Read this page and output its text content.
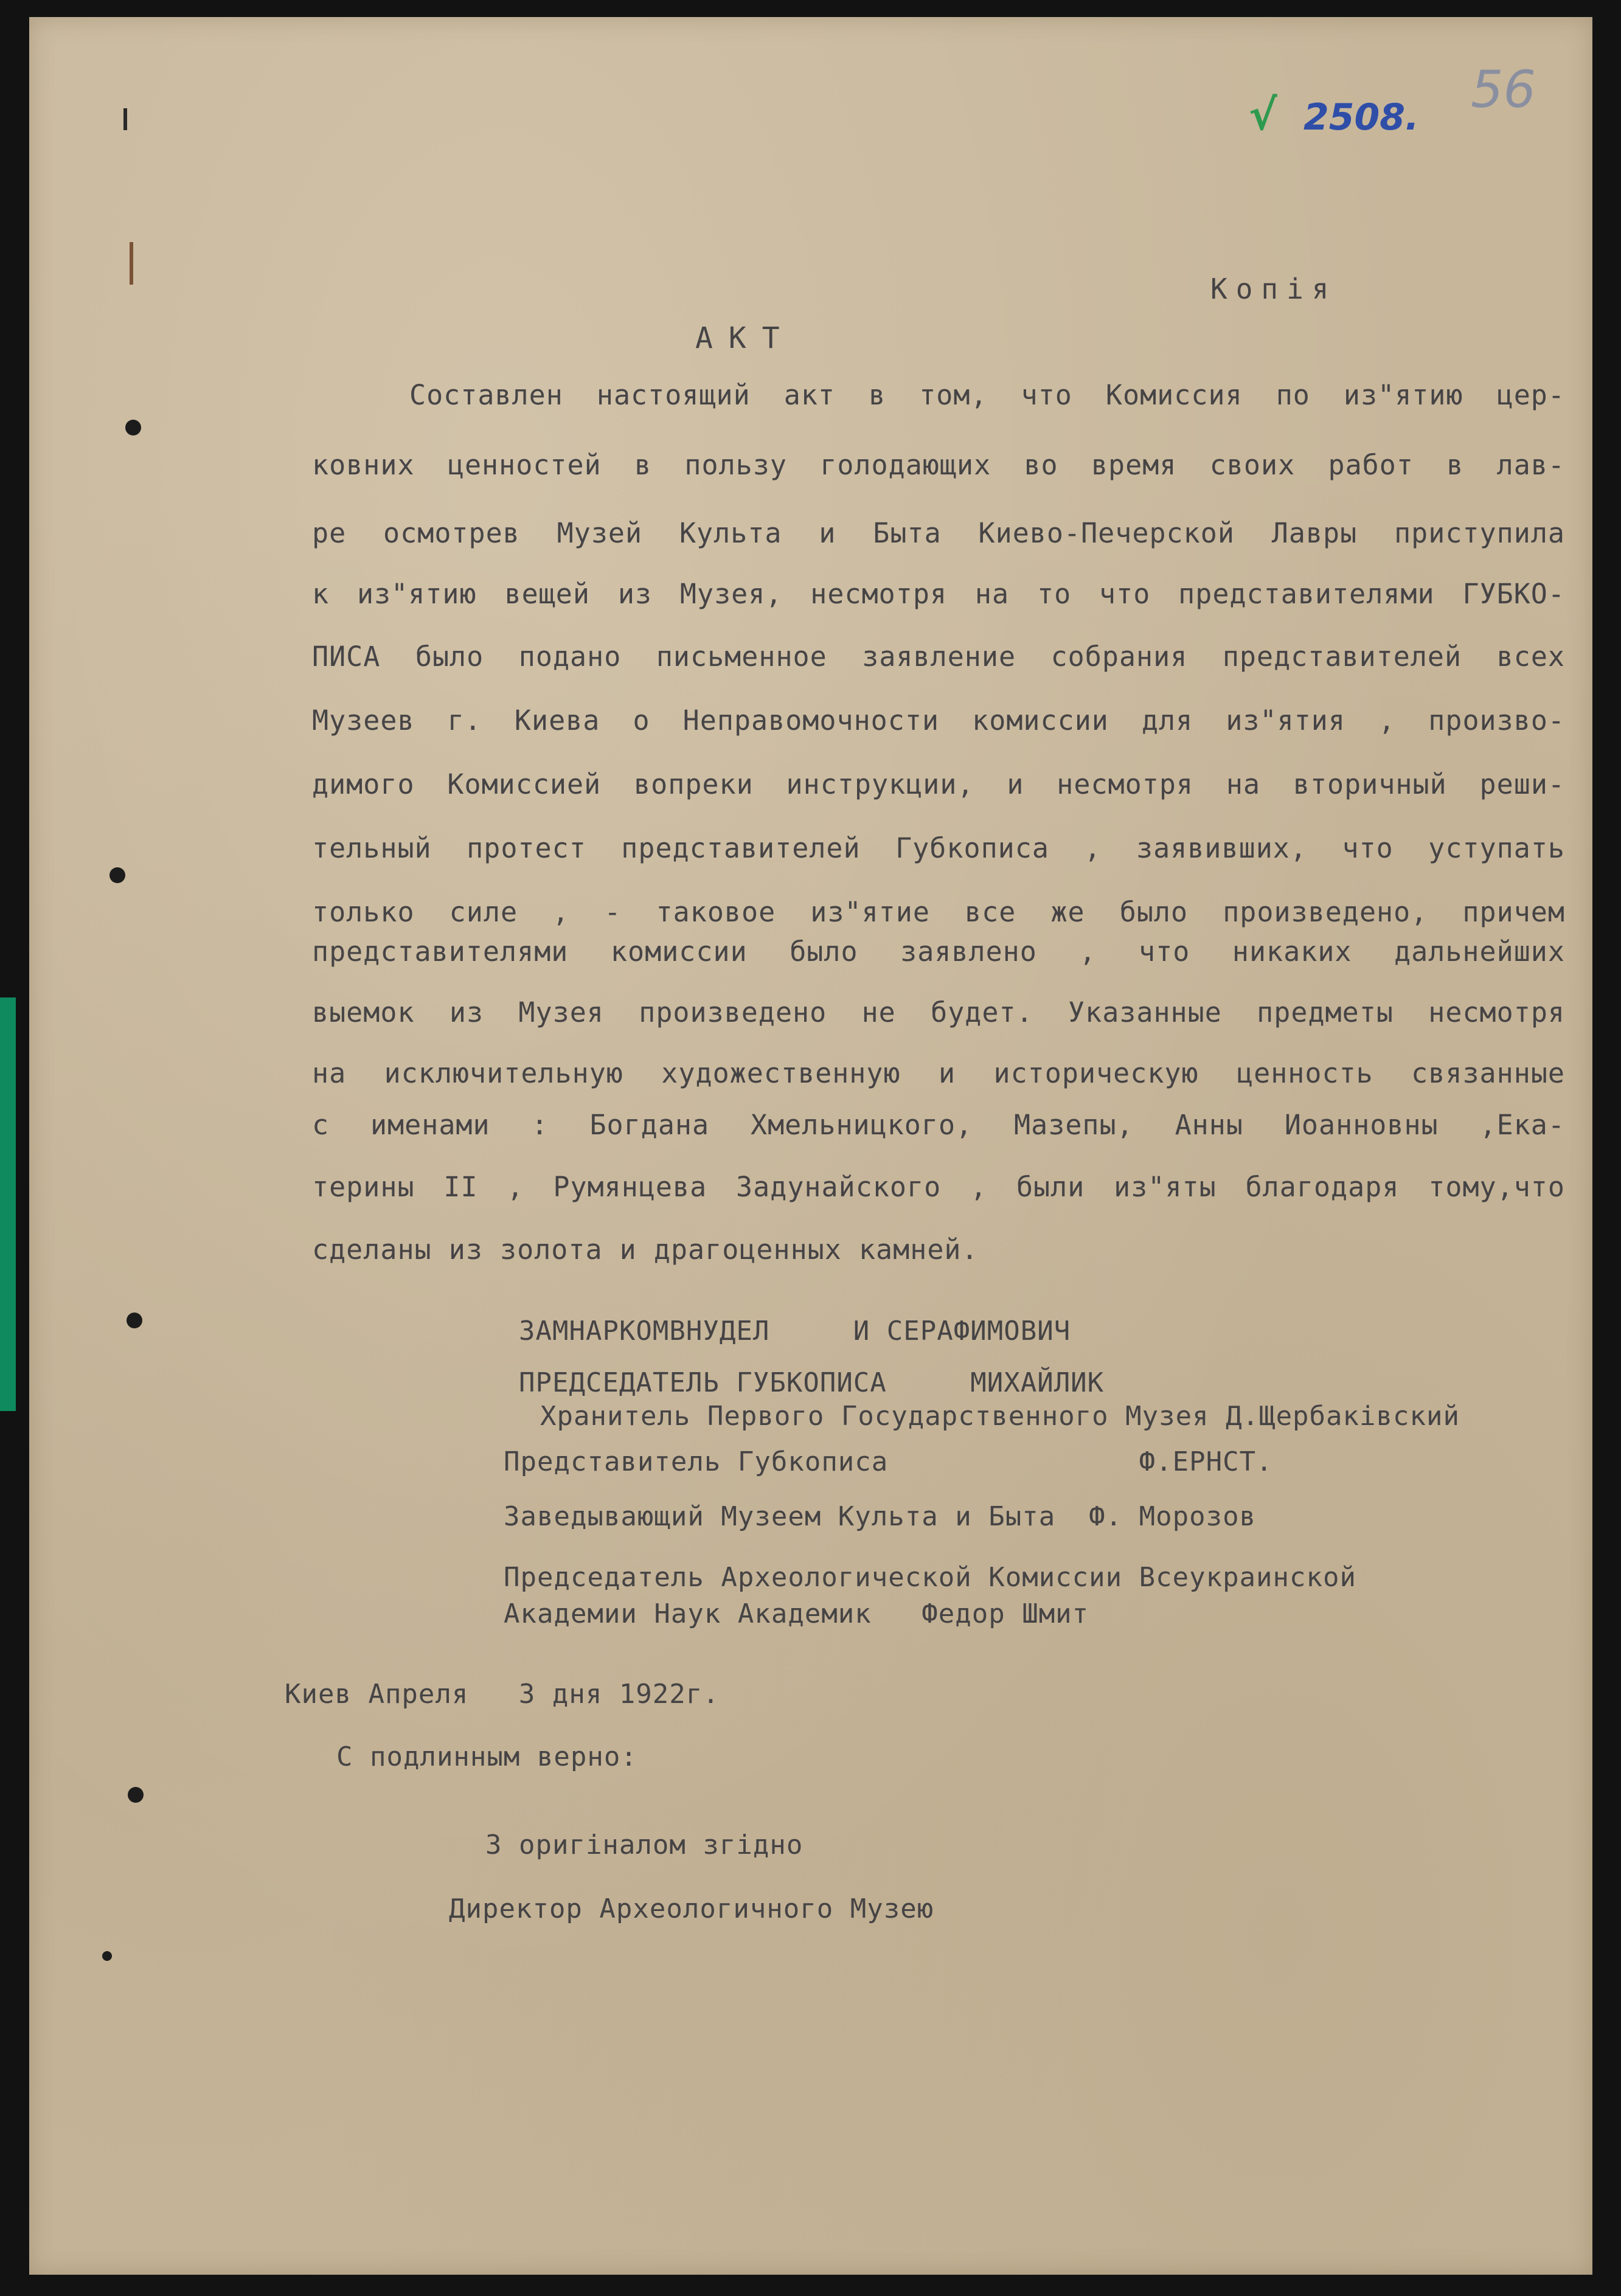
√ 2508. 56
Копія
АКТ
Составлен настоящий акт в том, что Комиссия по из"ятию цер-
ковних ценностей в пользу голодающих во время своих работ в лав-
ре осмотрев Музей Культа и Быта Киево-Печерской Лавры приступила
к из"ятию вещей из Музея, несмотря на то что представителями ГУБКО-
ПИСА было подано письменное заявление собрания представителей всех
Музеев г. Киева о Неправомочности комиссии для из"ятия , произво-
димого Комиссией вопреки инструкции, и несмотря на вторичный реши-
тельный протест представителей Губкописа , заявивших, что уступать
только силе , - таковое из"ятие все же было произведено, причем
представителями комиссии было заявлено , что никаких дальнейших
выемок из Музея произведено не будет. Указанные предметы несмотря
на исключительную художественную и историческую ценность связанные
с именами : Богдана Хмельницкого, Мазепы, Анны Иоанновны ,Ека-
терины II , Румянцева Задунайского , были из"яты благодаря тому,что
сделаны из золота и драгоценных камней.
ЗАМНАРКОМВНУДЕЛ     И СЕРАФИМОВИЧ
ПРЕДСЕДАТЕЛЬ ГУБКОПИСА     МИХАЙЛИК
Хранитель Первого Государственного Музея Д.Щербаківский
Представитель Губкописа               Ф.ЕРНСТ.
Заведывающий Музеем Культа и Быта  Ф. Морозов
Председатель Археологической Комиссии Всеукраинской
Академии Наук Академик   Федор Шмит
Киев Апреля   3 дня 1922г.
С подлинным верно:
З оригіналом згідно
Директор Археологичного Музею
